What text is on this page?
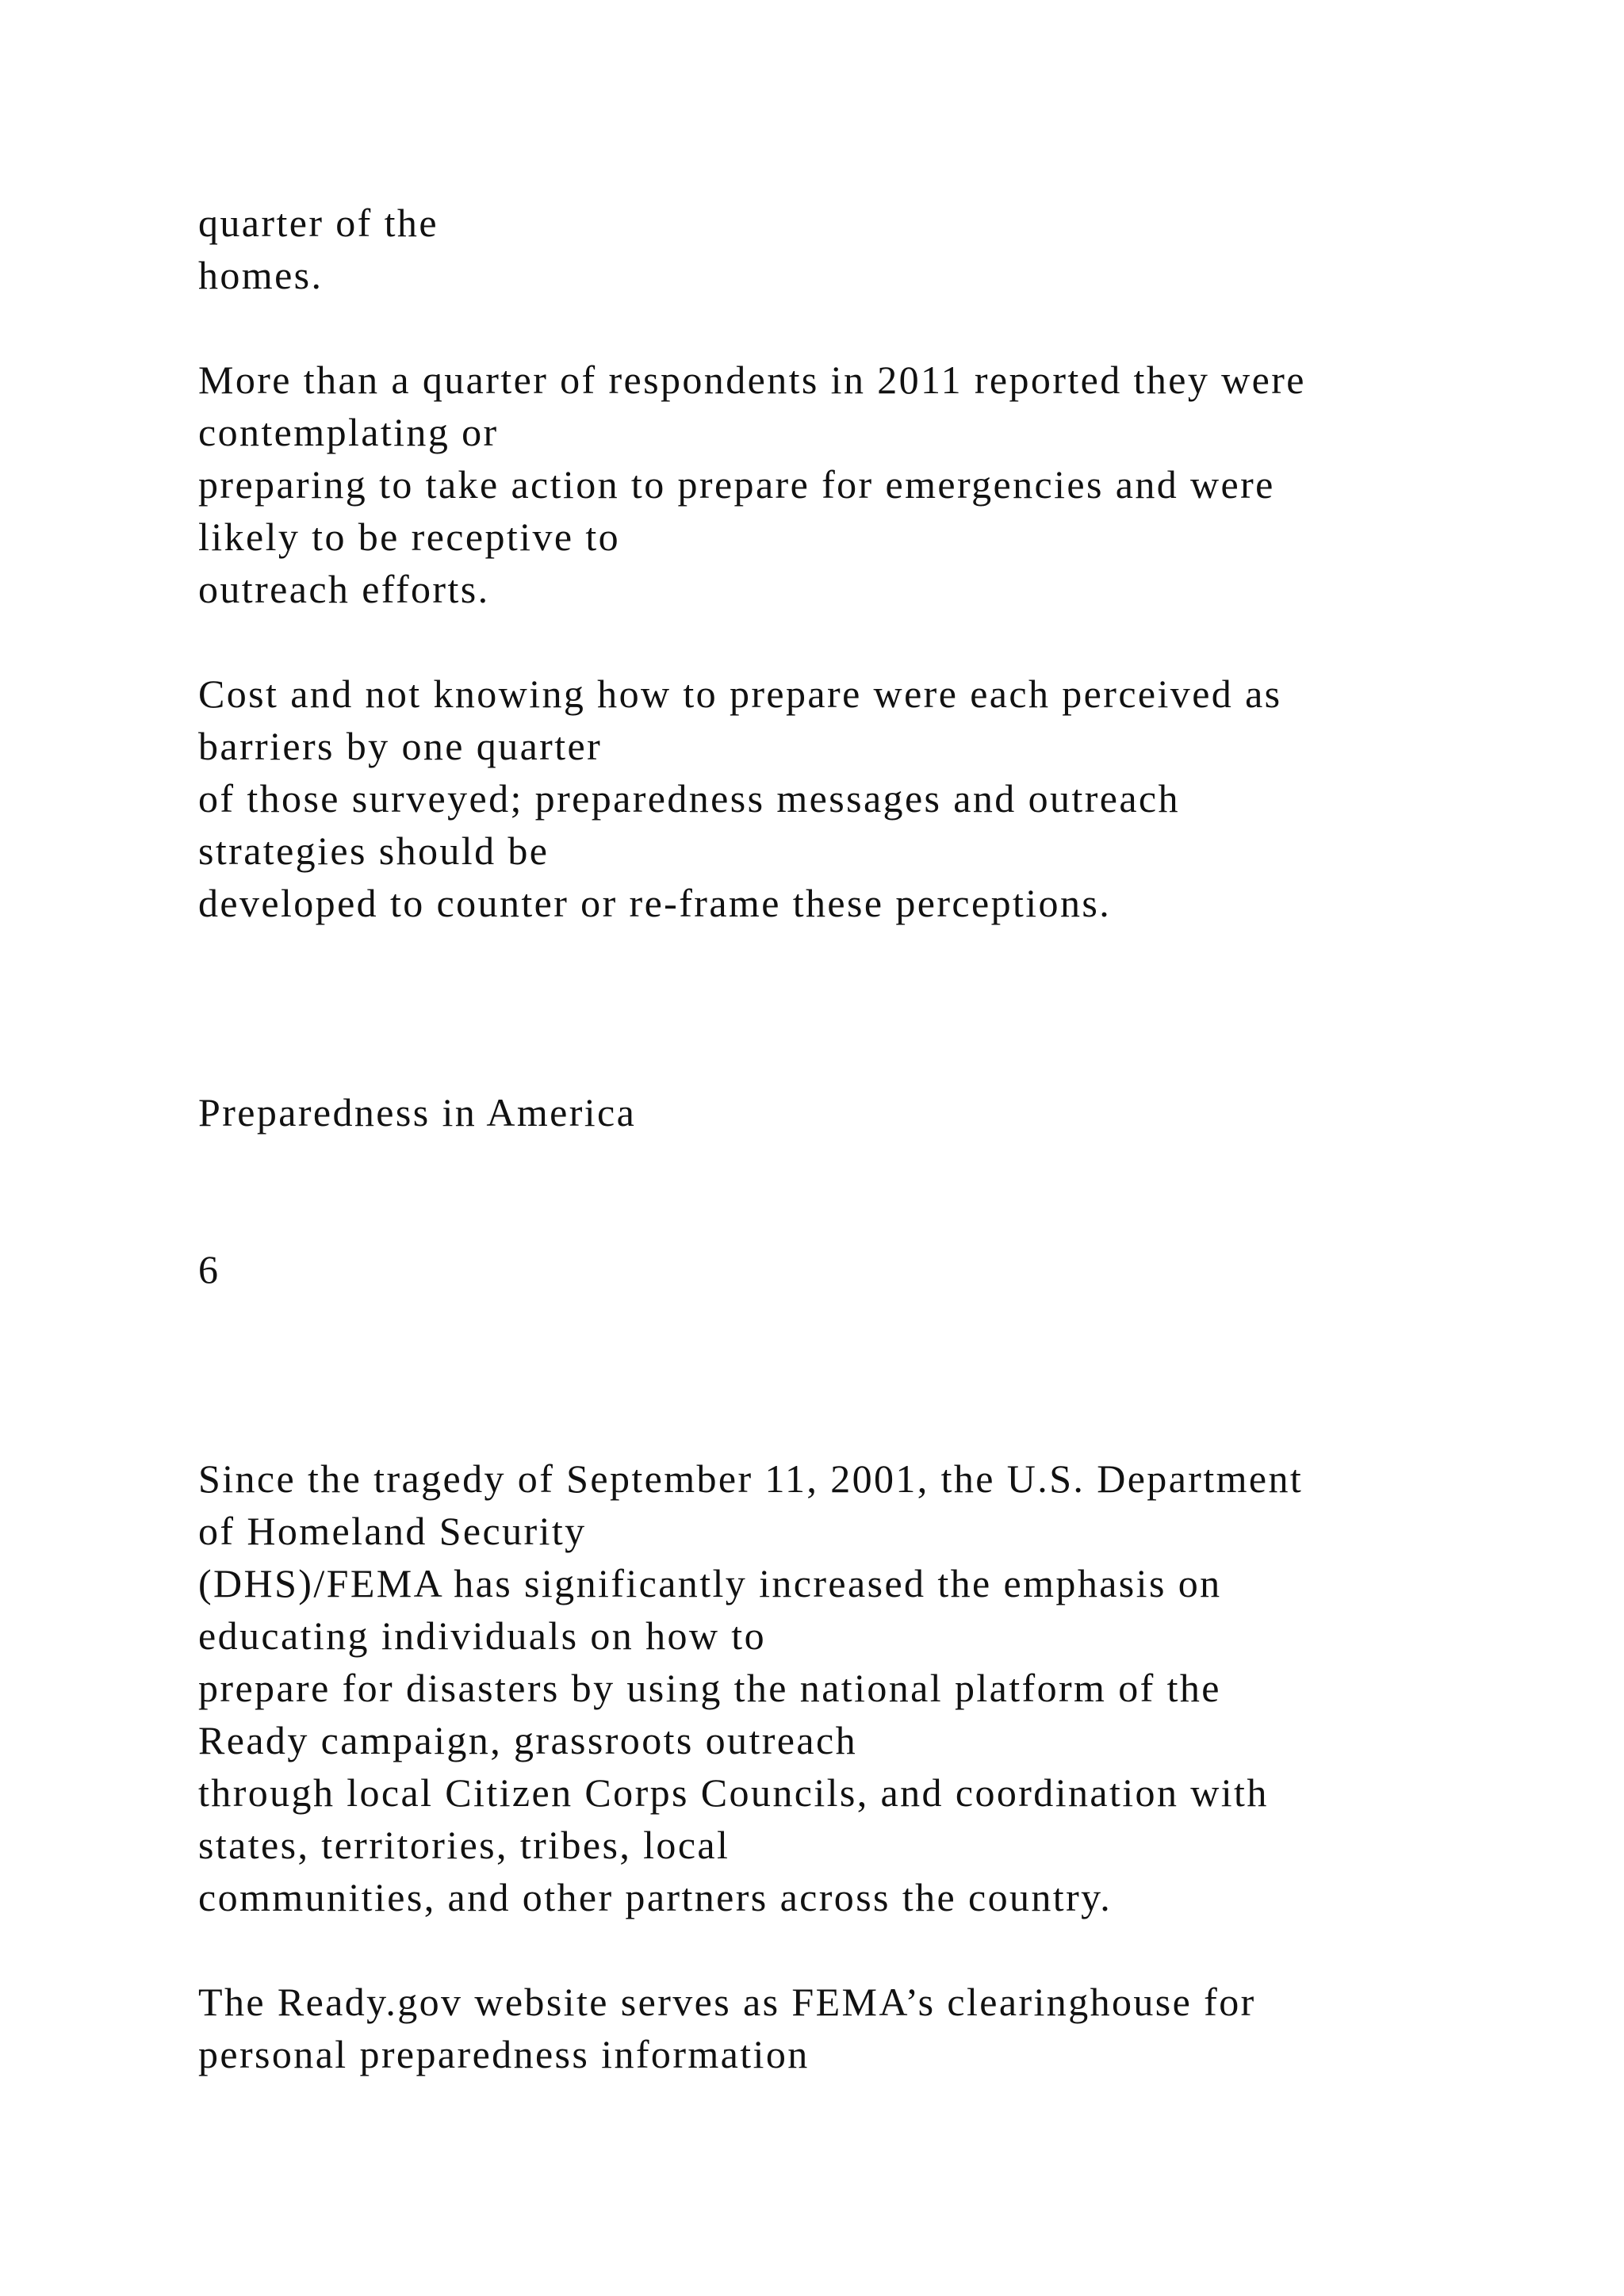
quarter of the
homes.
More than a quarter of respondents in 2011 reported they were
contemplating or
preparing to take action to prepare for emergencies and were
likely to be receptive to
outreach efforts.
Cost and not knowing how to prepare were each perceived as
barriers by one quarter
of those surveyed; preparedness messages and outreach
strategies should be
developed to counter or re-frame these perceptions.
Preparedness in America
6
Since the tragedy of September 11, 2001, the U.S. Department
of Homeland Security
(DHS)/FEMA has significantly increased the emphasis on
educating individuals on how to
prepare for disasters by using the national platform of the
Ready campaign, grassroots outreach
through local Citizen Corps Councils, and coordination with
states, territories, tribes, local
communities, and other partners across the country.
The Ready.gov website serves as FEMA’s clearinghouse for
personal preparedness information
